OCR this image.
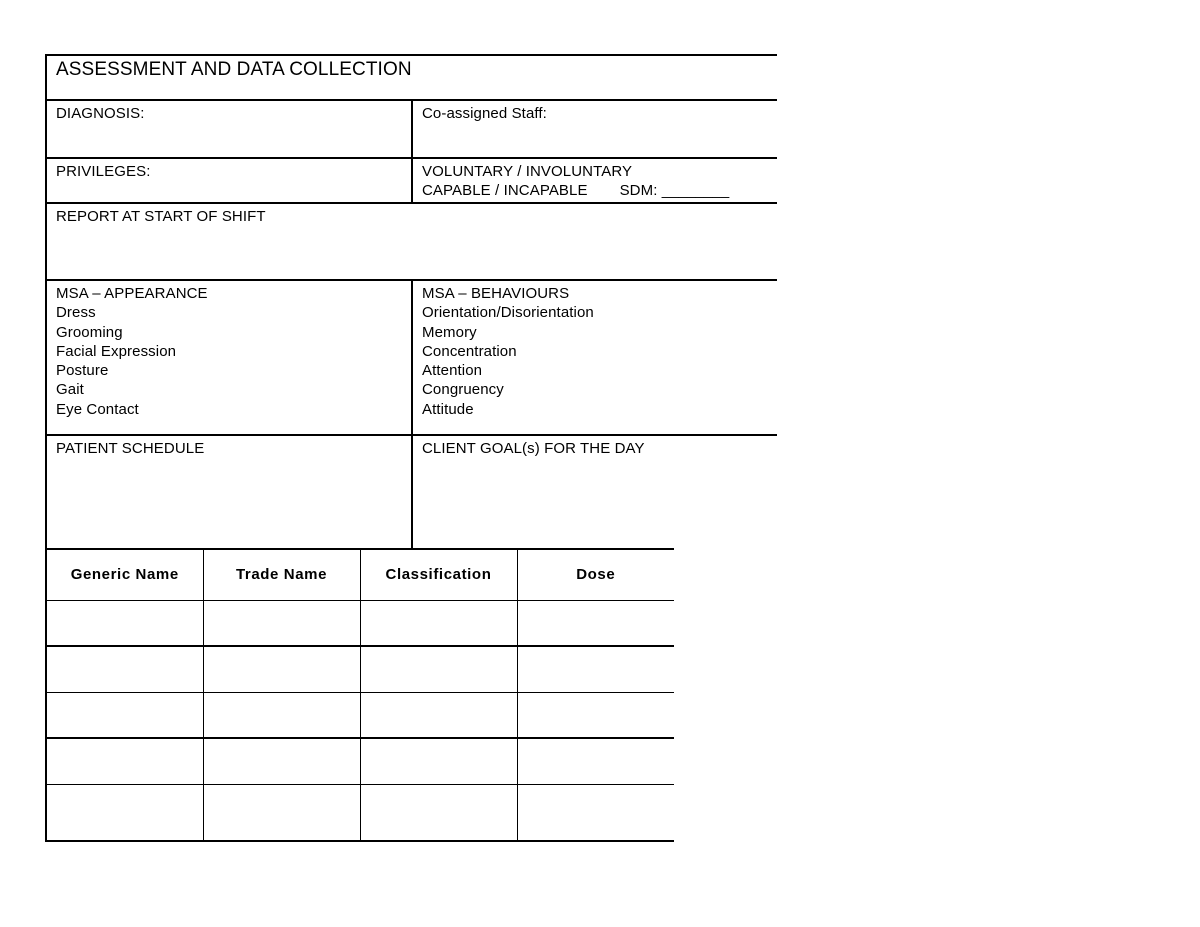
ASSESSMENT AND DATA COLLECTION
DIAGNOSIS:	Co-assigned Staff:
PRIVILEGES:	VOLUNTARY / INVOLUNTARY
CAPABLE / INCAPABLE SDM: ________
REPORT AT START OF SHIFT
MSA – APPEARANCE
Dress
Grooming
Facial Expression
Posture
Gait
Eye Contact
MSA – BEHAVIOURS
Orientation/Disorientation
Memory
Concentration
Attention
Congruency
Attitude
PATIENT SCHEDULE	CLIENT GOAL(s) FOR THE DAY
Generic Name	Trade Name	Classification	Dose
